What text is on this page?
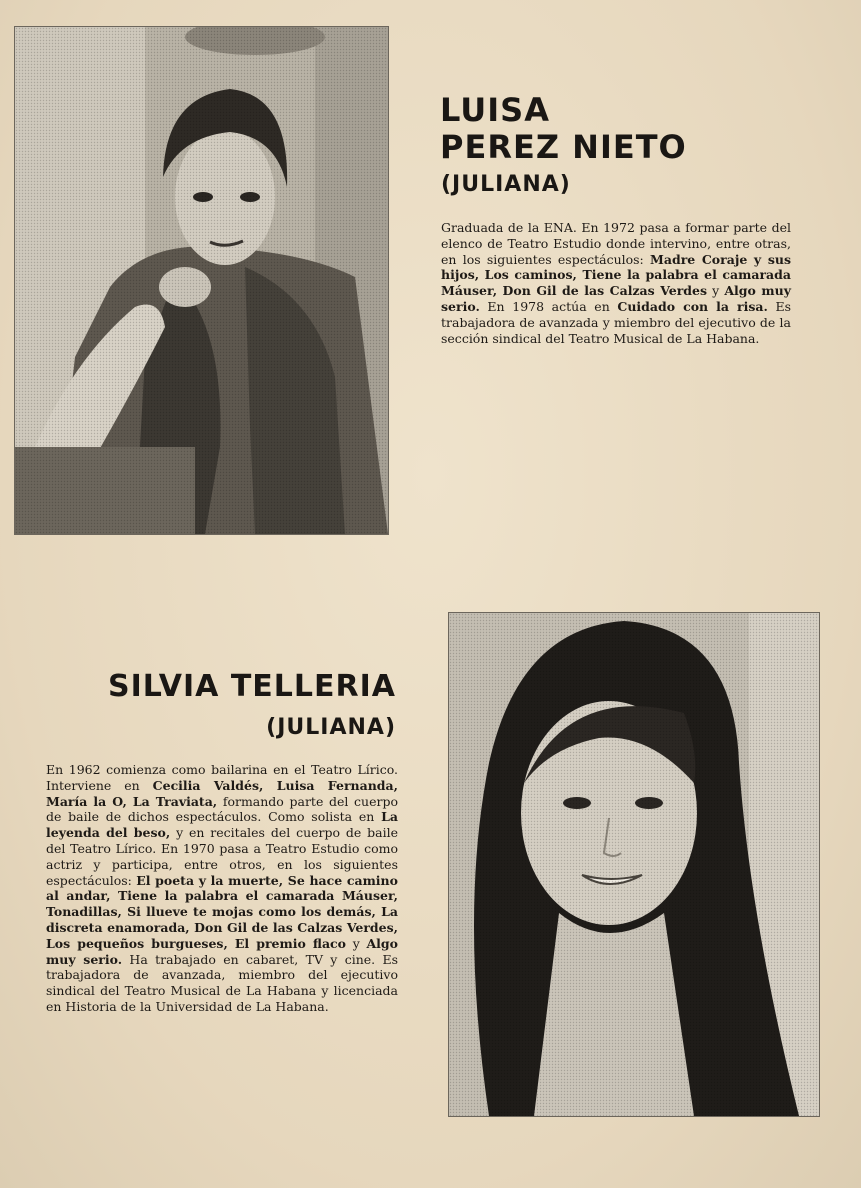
LUISA
PEREZ NIETO
(JULIANA)

Graduada de la ENA. En 1972 pasa a formar parte del elenco de Teatro Estudio donde intervino, entre otras, en los siguientes espectáculos: Madre Coraje y sus hijos, Los caminos, Tiene la palabra el camarada Máuser, Don Gil de las Calzas Verdes y Algo muy serio. En 1978 actúa en Cuidado con la risa. Es trabajadora de avanzada y miembro del ejecutivo de la sección sindical del Teatro Musical de La Habana.

SILVIA TELLERIA
(JULIANA)

En 1962 comienza como bailarina en el Teatro Lírico. Interviene en Cecilia Valdés, Luisa Fernanda, María la O, La Traviata, formando parte del cuerpo de baile de dichos espectáculos. Como solista en La leyenda del beso, y en recitales del cuerpo de baile del Teatro Lírico. En 1970 pasa a Teatro Estudio como actriz y participa, entre otros, en los siguientes espectáculos: El poeta y la muerte, Se hace camino al andar, Tiene la palabra el camarada Máuser, Tonadillas, Si llueve te mojas como los demás, La discreta enamorada, Don Gil de las Calzas Verdes, Los pequeños burgueses, El premio flaco y Algo muy serio. Ha trabajado en cabaret, TV y cine. Es trabajadora de avanzada, miembro del ejecutivo sindical del Teatro Musical de La Habana y licenciada en Historia de la Universidad de La Habana.
